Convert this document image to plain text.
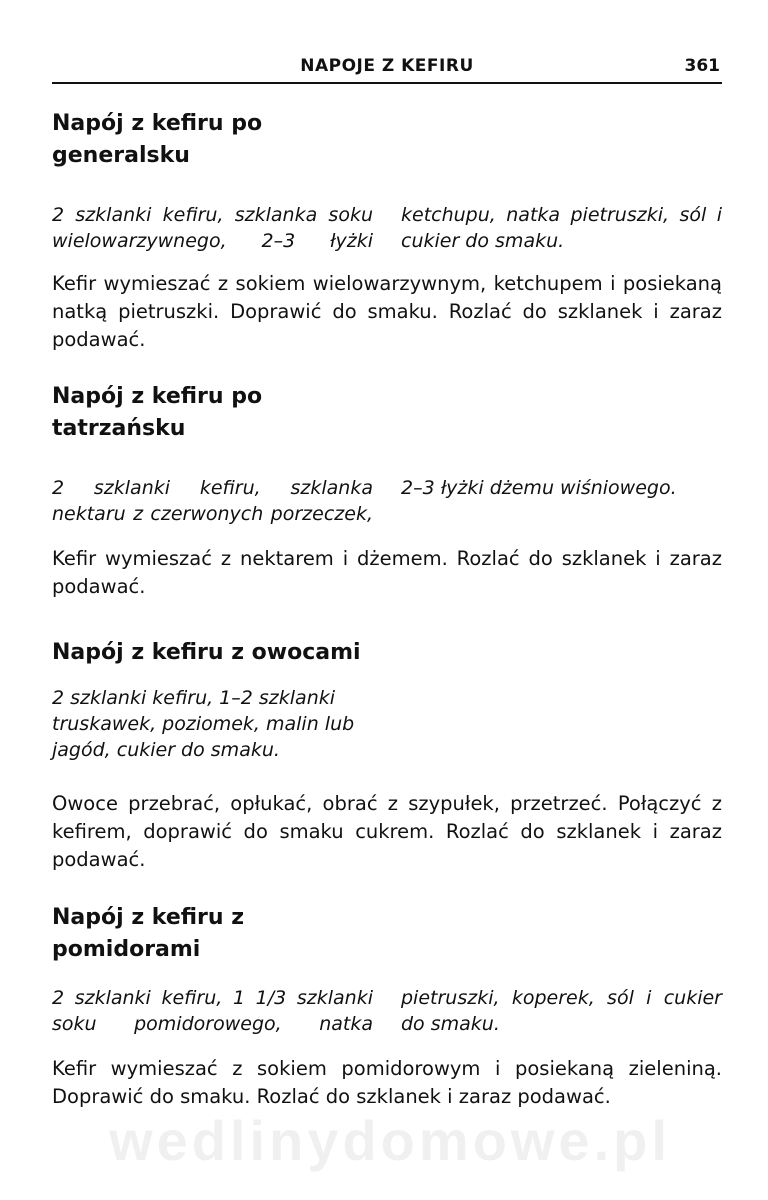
NAPOJE Z KEFIRU	361
Napój z kefiru po generalsku
2 szklanki kefiru, szklanka soku wielowarzywnego, 2–3 łyżki ketchupu, natka pietruszki, sól i cukier do smaku.

Kefir wymieszać z sokiem wielowarzywnym, ketchupem i posiekaną natką pietruszki. Doprawić do smaku. Rozlać do szklanek i zaraz podawać.

Napój z kefiru po tatrzańsku
2 szklanki kefiru, szklanka nektaru z czerwonych porzeczek, 2–3 łyżki dżemu wiśniowego.

Kefir wymieszać z nektarem i dżemem. Rozlać do szklanek i zaraz podawać.

Napój z kefiru z owocami
2 szklanki kefiru, 1–2 szklanki truskawek, poziomek, malin lub jagód, cukier do smaku.

Owoce przebrać, opłukać, obrać z szypułek, przetrzeć. Połączyć z kefirem, doprawić do smaku cukrem. Rozlać do szklanek i zaraz podawać.

Napój z kefiru z pomidorami
2 szklanki kefiru, 1 1/3 szklanki soku pomidorowego, natka pietruszki, koperek, sól i cukier do smaku.

Kefir wymieszać z sokiem pomidorowym i posiekaną zieleniną. Doprawić do smaku. Rozlać do szklanek i zaraz podawać.

wedlinydomowe.pl
